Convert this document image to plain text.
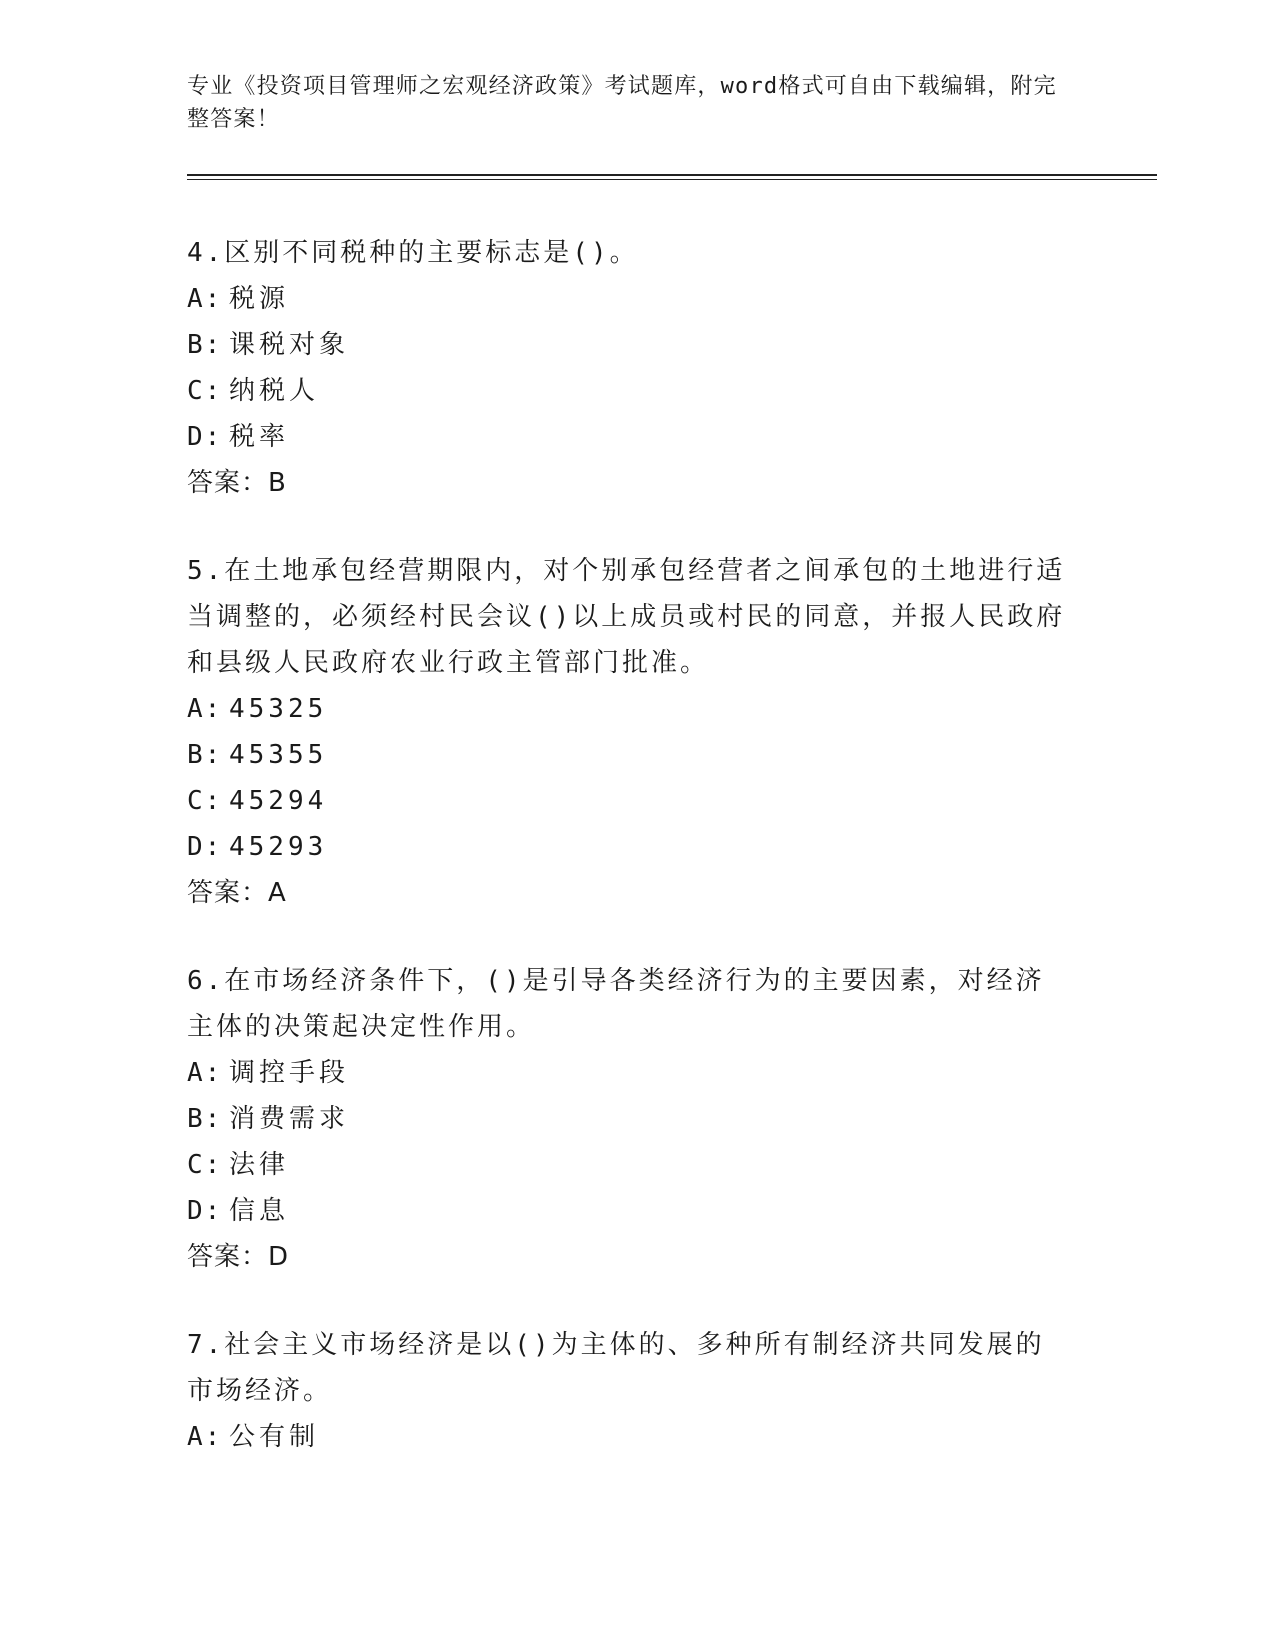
专业《投资项目管理师之宏观经济政策》考试题库，word格式可自由下载编辑，附完整答案！

4.区别不同税种的主要标志是()。

A: 税源

B: 课税对象

C: 纳税人

D: 税率

答案：B

5.在土地承包经营期限内，对个别承包经营者之间承包的土地进行适当调整的，必须经村民会议()以上成员或村民的同意，并报人民政府和县级人民政府农业行政主管部门批准。

A: 45325

B: 45355

C: 45294

D: 45293

答案：A

6.在市场经济条件下，()是引导各类经济行为的主要因素，对经济主体的决策起决定性作用。

A: 调控手段

B: 消费需求

C: 法律

D: 信息

答案：D

7.社会主义市场经济是以()为主体的、多种所有制经济共同发展的市场经济。

A: 公有制
